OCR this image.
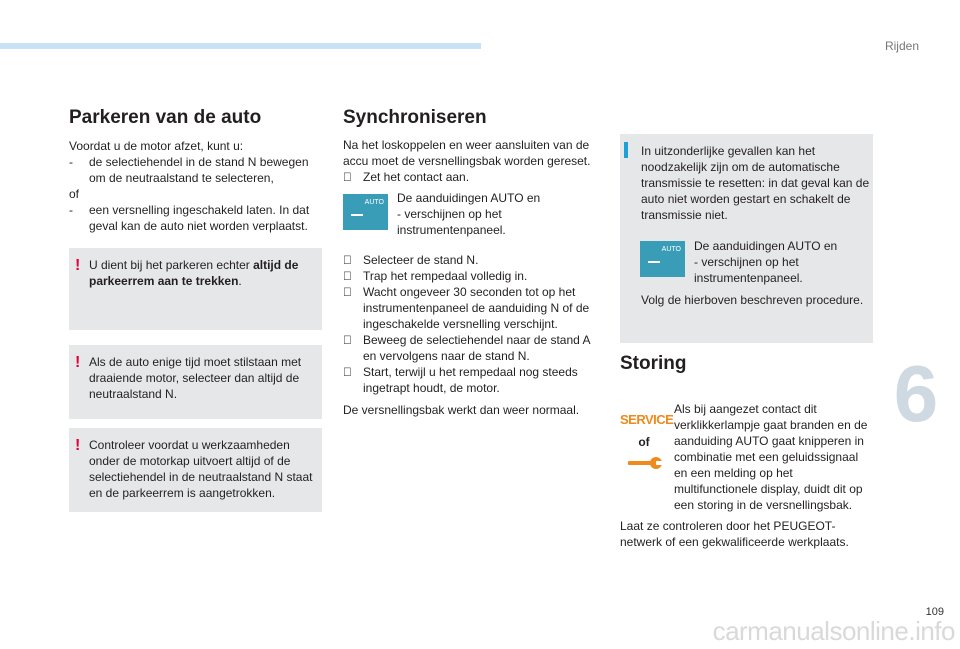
Rijden
6
Parkeren van de auto
Voordat u de motor afzet, kunt u:
- de selectiehendel in de stand N bewegen om de neutraalstand te selecteren,
of
- een versnelling ingeschakeld laten. In dat geval kan de auto niet worden verplaatst.
! U dient bij het parkeren echter altijd de parkeerrem aan te trekken.
! Als de auto enige tijd moet stilstaan met draaiende motor, selecteer dan altijd de neutraalstand N.
! Controleer voordat u werkzaamheden onder de motorkap uitvoert altijd of de selectiehendel in de neutraalstand N staat en de parkeerrem is aangetrokken.
Synchroniseren
Na het loskoppelen en weer aansluiten van de accu moet de versnellingsbak worden gereset.
Zet het contact aan.
AUTO De aanduidingen AUTO en - verschijnen op het instrumentenpaneel.
Selecteer de stand N.
Trap het rempedaal volledig in.
Wacht ongeveer 30 seconden tot op het instrumentenpaneel de aanduiding N of de ingeschakelde versnelling verschijnt.
Beweeg de selectiehendel naar de stand A en vervolgens naar de stand N.
Start, terwijl u het rempedaal nog steeds ingetrapt houdt, de motor.
De versnellingsbak werkt dan weer normaal.
In uitzonderlijke gevallen kan het noodzakelijk zijn om de automatische transmissie te resetten: in dat geval kan de auto niet worden gestart en schakelt de transmissie niet.
AUTO De aanduidingen AUTO en - verschijnen op het instrumentenpaneel.
Volg de hierboven beschreven procedure.
Storing
SERVICE
of
Als bij aangezet contact dit verklikkerlampje gaat branden en de aanduiding AUTO gaat knipperen in combinatie met een geluidssignaal en een melding op het multifunctionele display, duidt dit op een storing in de versnellingsbak.
Laat ze controleren door het PEUGEOT-netwerk of een gekwalificeerde werkplaats.
109
carmanualsonline.info
